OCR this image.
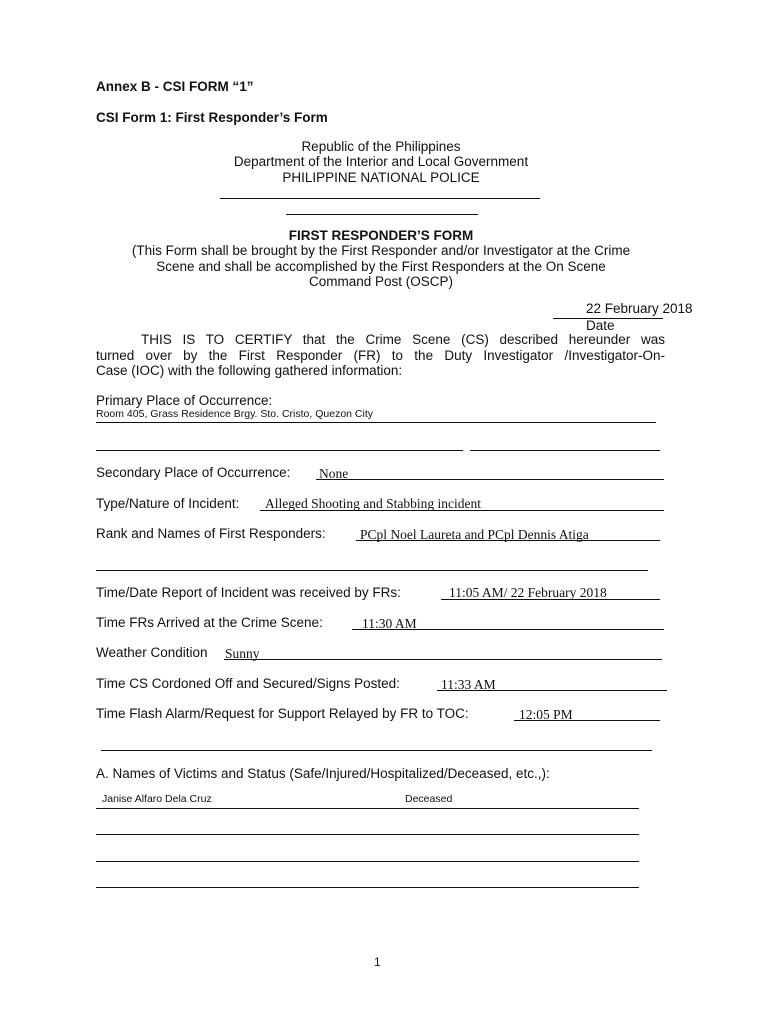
Annex B - CSI FORM “1”
CSI Form 1: First Responder’s Form
Republic of the Philippines
Department of the Interior and Local Government
PHILIPPINE NATIONAL POLICE
FIRST RESPONDER’S FORM
(This Form shall be brought by the First Responder and/or Investigator at the Crime
Scene and shall be accomplished by the First Responders at the On Scene
Command Post (OSCP)
22 February 2018
Date
THIS IS TO CERTIFY that the Crime Scene (CS) described hereunder was
turned over by the First Responder (FR) to the Duty Investigator /Investigator-On-
Case (IOC) with the following gathered information:
Primary Place of Occurrence:
Room 405, Grass Residence Brgy. Sto. Cristo, Quezon City
Secondary Place of Occurrence: None
Type/Nature of Incident: Alleged Shooting and Stabbing incident
Rank and Names of First Responders:	PCpl Noel Laureta and PCpl Dennis Atiga
Time/Date Report of Incident was received by FRs:	11:05 AM/ 22 February 2018
Time FRs Arrived at the Crime Scene:	11:30 AM
Weather Condition Sunny
Time CS Cordoned Off and Secured/Signs Posted:	11:33 AM
Time Flash Alarm/Request for Support Relayed by FR to TOC:	12:05 PM
A. Names of Victims and Status (Safe/Injured/Hospitalized/Deceased, etc.,):
Janise Alfaro Dela Cruz	Deceased
1
